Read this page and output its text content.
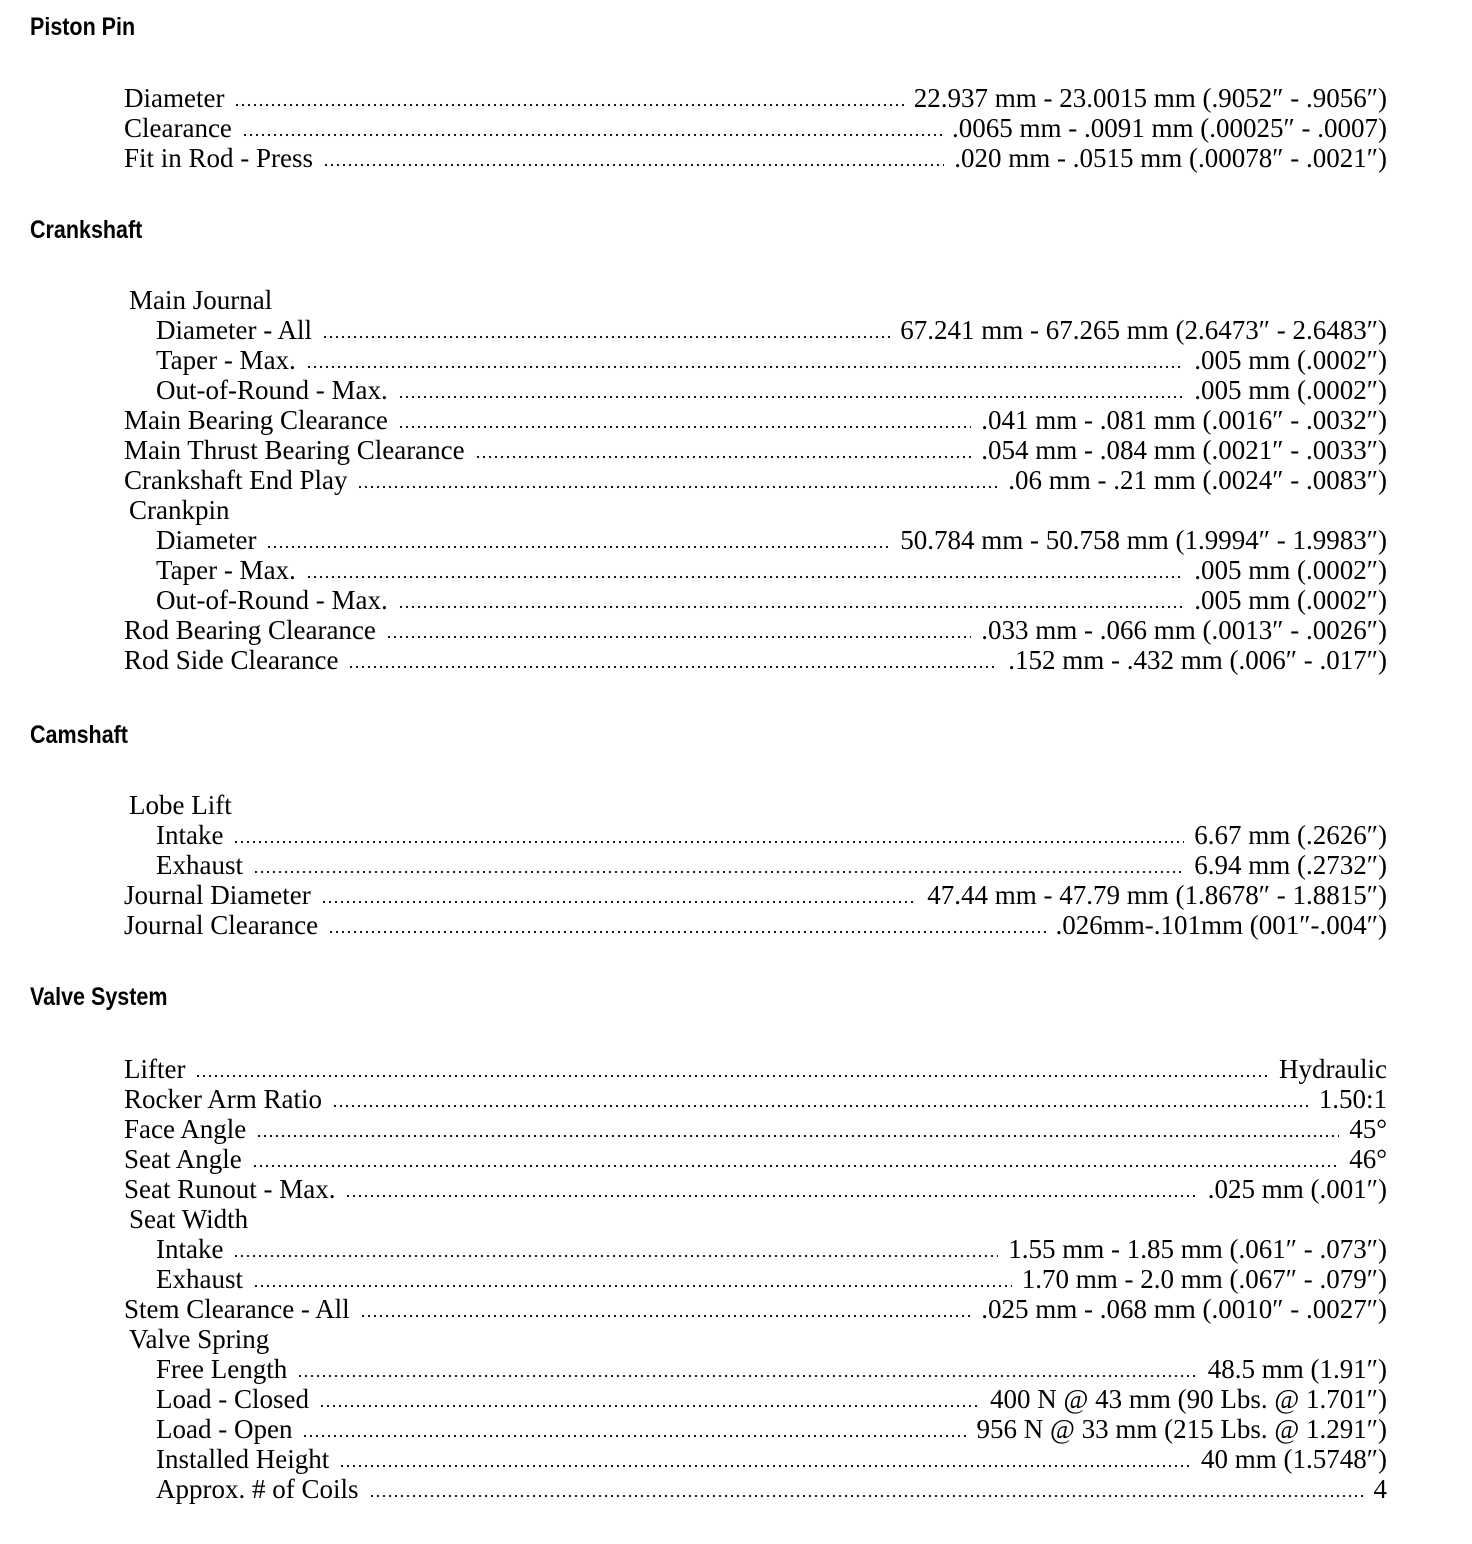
Piston Pin
Diameter	22.937 mm - 23.0015 mm (.9052″ - .9056″)
Clearance	.0065 mm - .0091 mm (.00025″ - .0007)
Fit in Rod - Press	.020 mm - .0515 mm (.00078″ - .0021″)
Crankshaft
Main Journal
Diameter - All	67.241 mm - 67.265 mm (2.6473″ - 2.6483″)
Taper - Max.	.005 mm (.0002″)
Out-of-Round - Max.	.005 mm (.0002″)
Main Bearing Clearance	.041 mm - .081 mm (.0016″ - .0032″)
Main Thrust Bearing Clearance	.054 mm - .084 mm (.0021″ - .0033″)
Crankshaft End Play	.06 mm - .21 mm (.0024″ - .0083″)
Crankpin
Diameter	50.784 mm - 50.758 mm (1.9994″ - 1.9983″)
Taper - Max.	.005 mm (.0002″)
Out-of-Round - Max.	.005 mm (.0002″)
Rod Bearing Clearance	.033 mm - .066 mm (.0013″ - .0026″)
Rod Side Clearance	.152 mm - .432 mm (.006″ - .017″)
Camshaft
Lobe Lift
Intake	6.67 mm (.2626″)
Exhaust	6.94 mm (.2732″)
Journal Diameter	47.44 mm - 47.79 mm (1.8678″ - 1.8815″)
Journal Clearance	.026mm-.101mm (001″-.004″)
Valve System
Lifter	Hydraulic
Rocker Arm Ratio	1.50:1
Face Angle	45°
Seat Angle	46°
Seat Runout - Max.	.025 mm (.001″)
Seat Width
Intake	1.55 mm - 1.85 mm (.061″ - .073″)
Exhaust	1.70 mm - 2.0 mm (.067″ - .079″)
Stem Clearance - All	.025 mm - .068 mm (.0010″ - .0027″)
Valve Spring
Free Length	48.5 mm (1.91″)
Load - Closed	400 N @ 43 mm (90 Lbs. @ 1.701″)
Load - Open	956 N @ 33 mm (215 Lbs. @ 1.291″)
Installed Height	40 mm (1.5748″)
Approx. # of Coils	4
